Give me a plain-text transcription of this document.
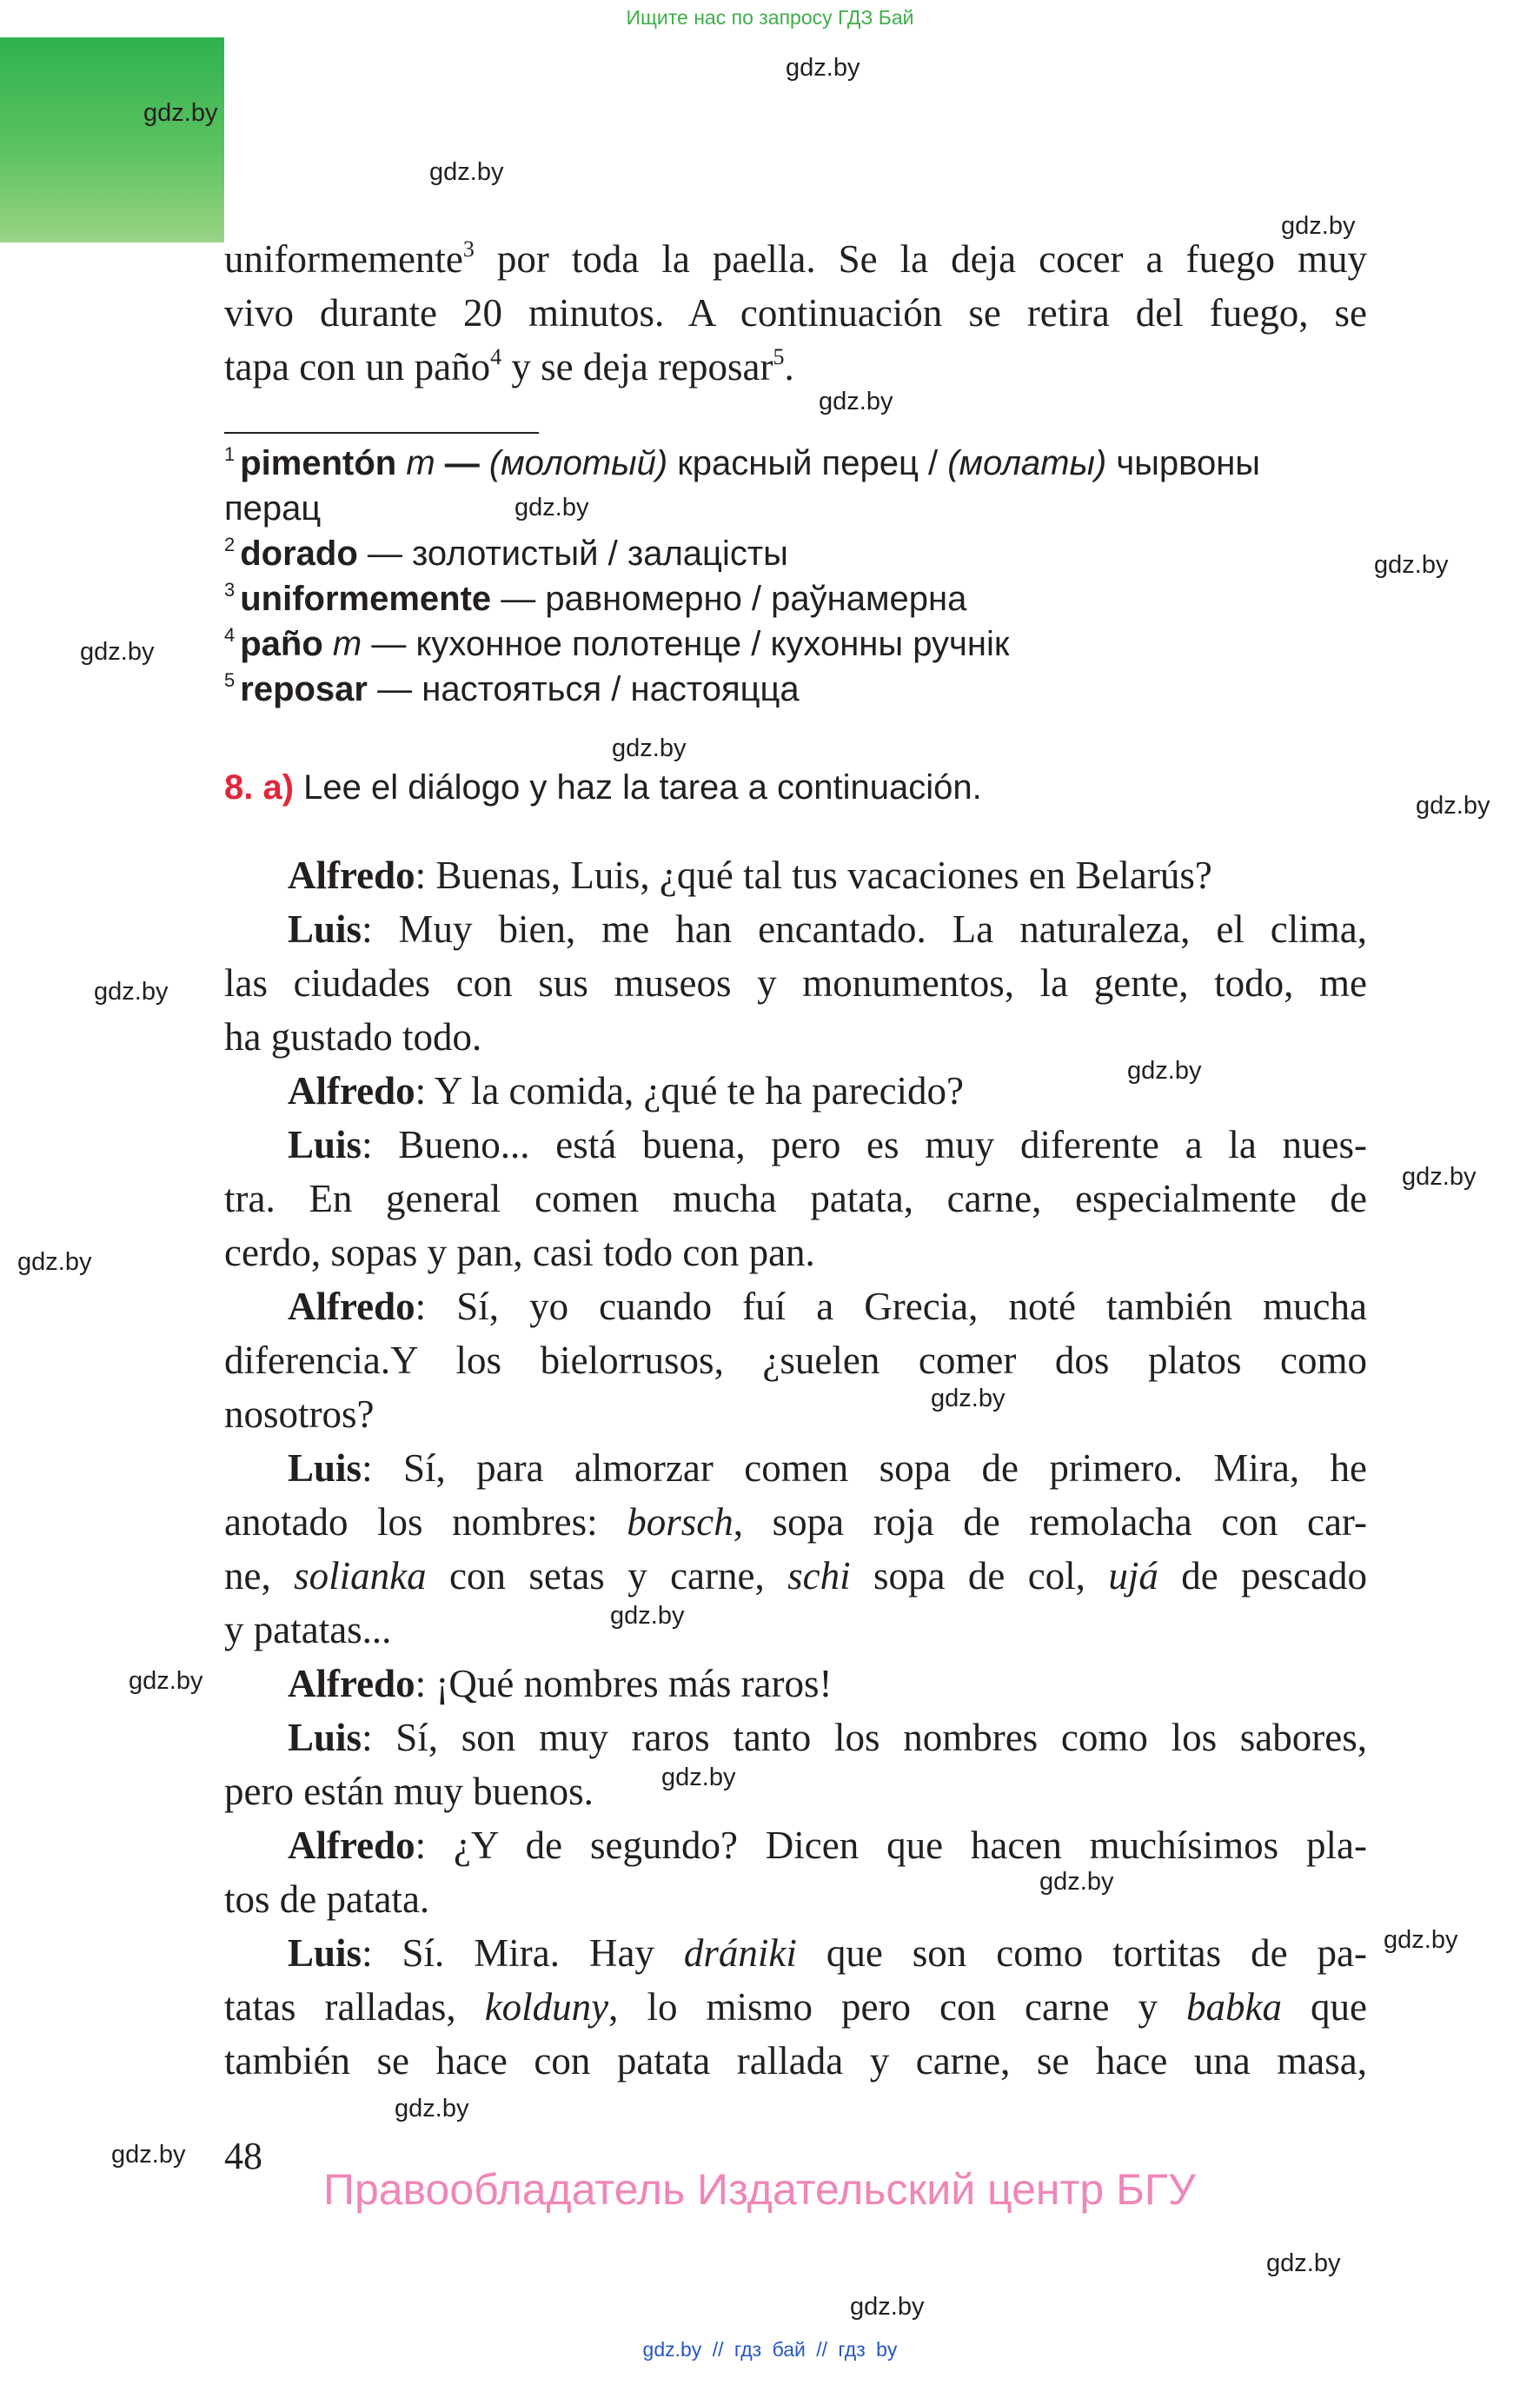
Ищите нас по запросу ГДЗ Бай
gdz.by
gdz.by
gdz.by
gdz.by
gdz.by
gdz.by
gdz.by
gdz.by
gdz.by
gdz.by
gdz.by
gdz.by
gdz.by
gdz.by
gdz.by
gdz.by
gdz.by
gdz.by
gdz.by
gdz.by
gdz.by
gdz.by
gdz.by
gdz.by
uniformemente$^3$ por toda la paella. Se la deja cocer a fuego muy
vivo durante 20 minutos. A continuación se retira del fuego, se
tapa con un paño$^4$ y se deja reposar$^5$.
$^1$ pimentón m — (молотый) красный перец / (молаты) чырвоны
перац
$^2$ dorado — золотистый / залацісты
$^3$ uniformemente — равномерно / раўнамерна
$^4$ paño m — кухонное полотенце / кухонны ручнік
$^5$ reposar — настояться / настояцца
8. a) Lee el diálogo y haz la tarea a continuación.
Alfredo: Buenas, Luis, ¿qué tal tus vacaciones en Belarús?
Luis: Muy bien, me han encantado. La naturaleza, el clima,
las ciudades con sus museos y monumentos, la gente, todo, me
ha gustado todo.
Alfredo: Y la comida, ¿qué te ha parecido?
Luis: Bueno... está buena, pero es muy diferente a la nues-
tra. En general comen mucha patata, carne, especialmente de
cerdo, sopas y pan, casi todo con pan.
Alfredo: Sí, yo cuando fuí a Grecia, noté también mucha
diferencia.Y los bielorrusos, ¿suelen comer dos platos como
nosotros?
Luis: Sí, para almorzar comen sopa de primero. Mira, he
anotado los nombres: borsch, sopa roja de remolacha con car-
ne, solianka con setas y carne, schi sopa de col, ujá de pescado
y patatas...
Alfredo: ¡Qué nombres más raros!
Luis: Sí, son muy raros tanto los nombres como los sabores,
pero están muy buenos.
Alfredo: ¿Y de segundo? Dicen que hacen muchísimos pla-
tos de patata.
Luis: Sí. Mira. Hay drániki que son como tortitas de pa-
tatas ralladas, kolduny, lo mismo pero con carne y babka que
también se hace con patata rallada y carne, se hace una masa,
48
Правообладатель Издательский центр БГУ
gdz.by // гдз бай // гдз by
